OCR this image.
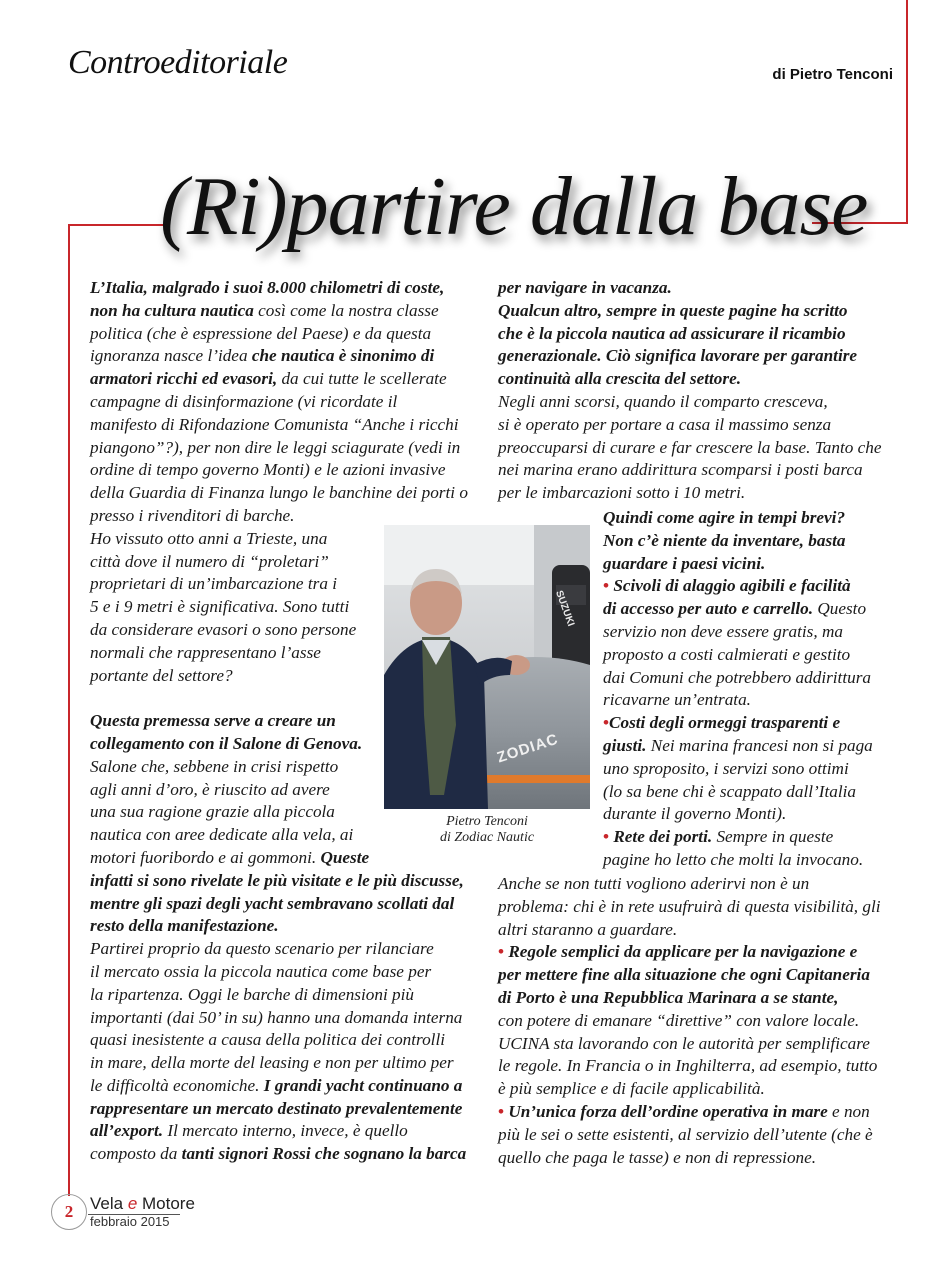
Controeditoriale	di Pietro Tenconi
(Ri)partire dalla base

L’Italia, malgrado i suoi 8.000 chilometri di coste,

non ha cultura nautica così come la nostra classe

politica (che è espressione del Paese) e da questa

ignoranza nasce l’idea che nautica è sinonimo di

armatori ricchi ed evasori, da cui tutte le scellerate

campagne di disinformazione (vi ricordate il

manifesto di Rifondazione Comunista “Anche i ricchi

piangono”?), per non dire le leggi sciagurate (vedi in

ordine di tempo governo Monti) e le azioni invasive

della Guardia di Finanza lungo le banchine dei porti o

presso i rivenditori di barche.

Ho vissuto otto anni a Trieste, una

città dove il numero di “proletari”

proprietari di un’imbarcazione tra i

5 e i 9 metri è significativa. Sono tutti

da considerare evasori o sono persone

normali che rappresentano l’asse

portante del settore?

Questa premessa serve a creare un

collegamento con il Salone di Genova.

Salone che, sebbene in crisi rispetto

agli anni d’oro, è riuscito ad avere

una sua ragione grazie alla piccola

nautica con aree dedicate alla vela, ai

motori fuoribordo e ai gommoni. Queste

infatti si sono rivelate le più visitate e le più discusse,

mentre gli spazi degli yacht sembravano scollati dal

resto della manifestazione.

Partirei proprio da questo scenario per rilanciare

il mercato ossia la piccola nautica come base per

la ripartenza. Oggi le barche di dimensioni più

importanti (dai 50’ in su) hanno una domanda interna

quasi inesistente a causa della politica dei controlli

in mare, della morte del leasing e non per ultimo per

le difficoltà economiche. I grandi yacht continuano a

rappresentare un mercato destinato prevalentemente

all’export. Il mercato interno, invece, è quello

composto da tanti signori Rossi che sognano la barca

per navigare in vacanza.

Qualcun altro, sempre in queste pagine ha scritto

che è la piccola nautica ad assicurare il ricambio

generazionale. Ciò significa lavorare per garantire

continuità alla crescita del settore.

Negli anni scorsi, quando il comparto cresceva,

si è operato per portare a casa il massimo senza

preoccuparsi di curare e far crescere la base. Tanto che

nei marina erano addirittura scomparsi i posti barca

per le imbarcazioni sotto i 10 metri.

Quindi come agire in tempi brevi?

Non c’è niente da inventare, basta

guardare i paesi vicini.

• Scivoli di alaggio agibili e facilità

di accesso per auto e carrello. Questo

servizio non deve essere gratis, ma

proposto a costi calmierati e gestito

dai Comuni che potrebbero addirittura

ricavarne un’entrata.

•Costi degli ormeggi trasparenti e

giusti. Nei marina francesi non si paga

uno sproposito, i servizi sono ottimi

(lo sa bene chi è scappato dall’Italia

durante il governo Monti).

• Rete dei porti. Sempre in queste

pagine ho letto che molti la invocano.

Anche se non tutti vogliono aderirvi non è un

problema: chi è in rete usufruirà di questa visibilità, gli

altri staranno a guardare.

• Regole semplici da applicare per la navigazione e

per mettere fine alla situazione che ogni Capitaneria

di Porto è una Repubblica Marinara a se stante,

con potere di emanare “direttive” con valore locale.

UCINA sta lavorando con le autorità per semplificare

le regole. In Francia o in Inghilterra, ad esempio, tutto

è più semplice e di facile applicabilità.

• Un’unica forza dell’ordine operativa in mare e non

più le sei o sette esistenti, al servizio dell’utente (che è

quello che paga le tasse) e non di repressione.

ZODIAC
SUZUKI

Pietro Tenconi

di Zodiac Nautic

2 Vela e Motore
febbraio 2015
